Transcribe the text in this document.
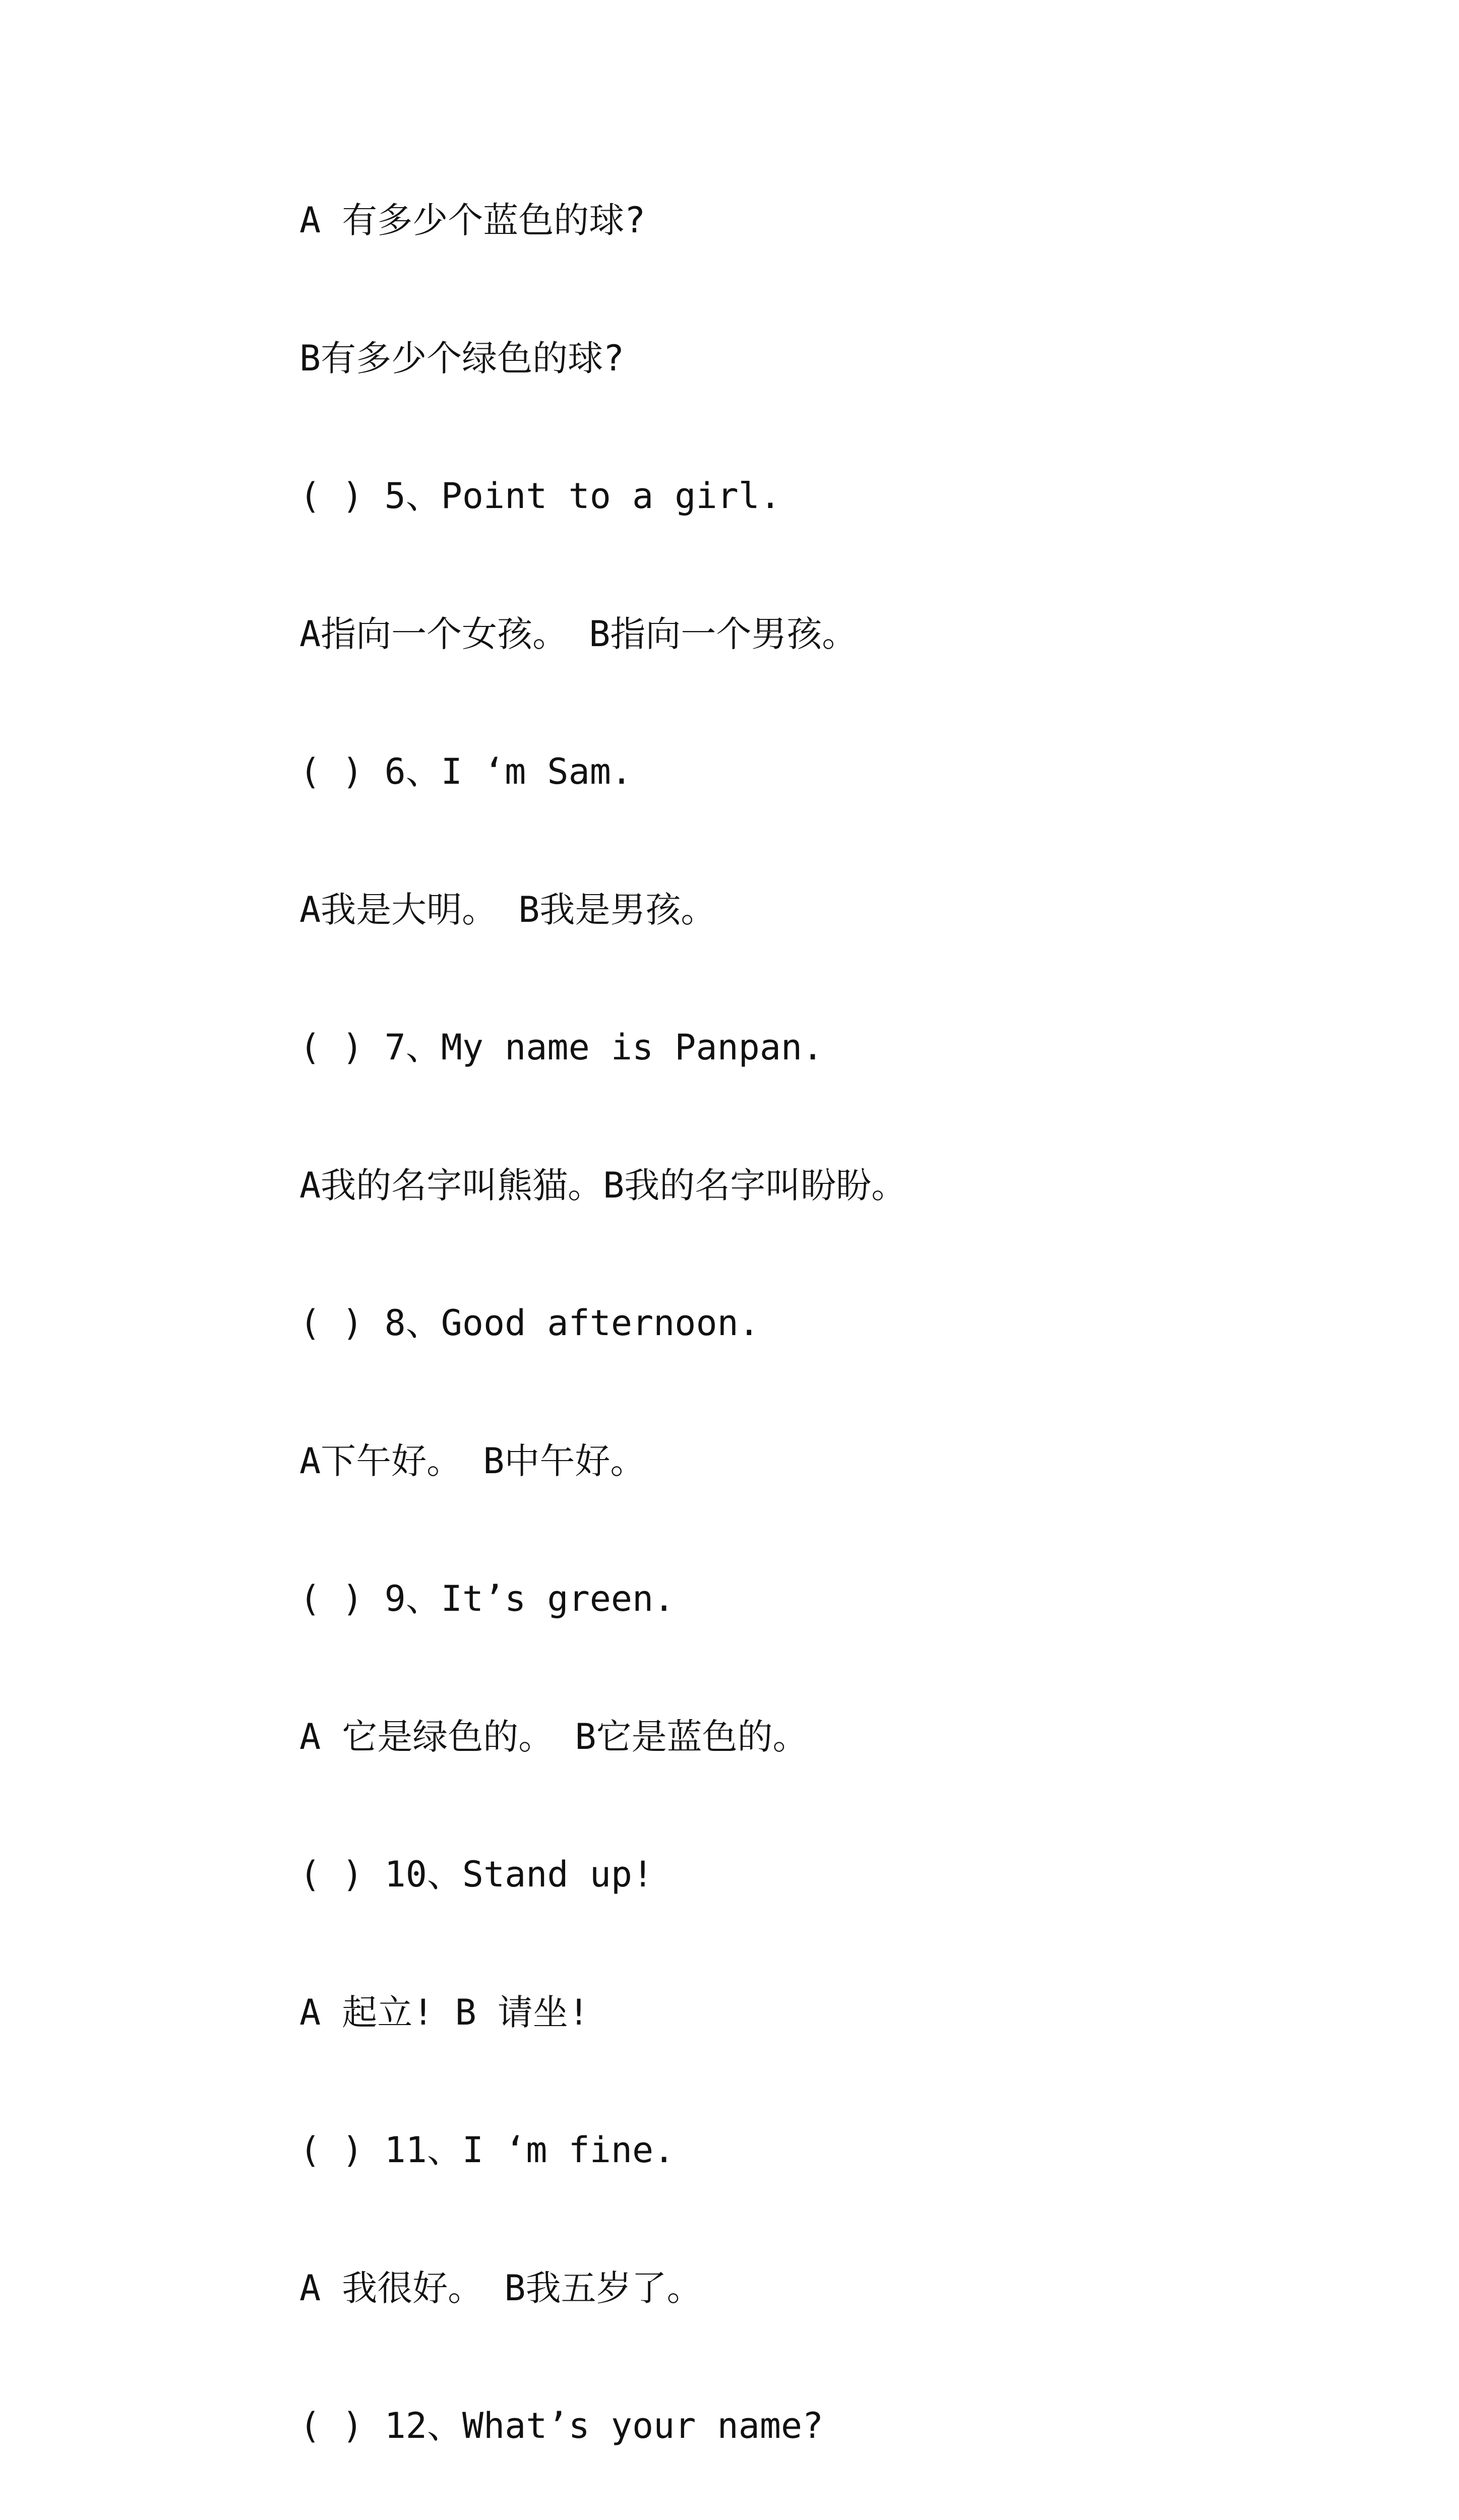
A 有多少个蓝色的球?
B有多少个绿色的球?
( ) 5、Point to a girl.
A指向一个女孩。 B指向一个男孩。
( ) 6、I ‘m Sam.
A我是大明。 B我是男孩。
( ) 7、My name is Panpan.
A我的名字叫熊猫。B我的名字叫盼盼。
( ) 8、Good afternoon.
A下午好。 B中午好。
( ) 9、It’s green.
A 它是绿色的。 B它是蓝色的。
( ) 10、Stand up!
A 起立! B 请坐!
( ) 11、I ‘m fine.
A 我很好。 B我五岁了。
( ) 12、What’s your name?
